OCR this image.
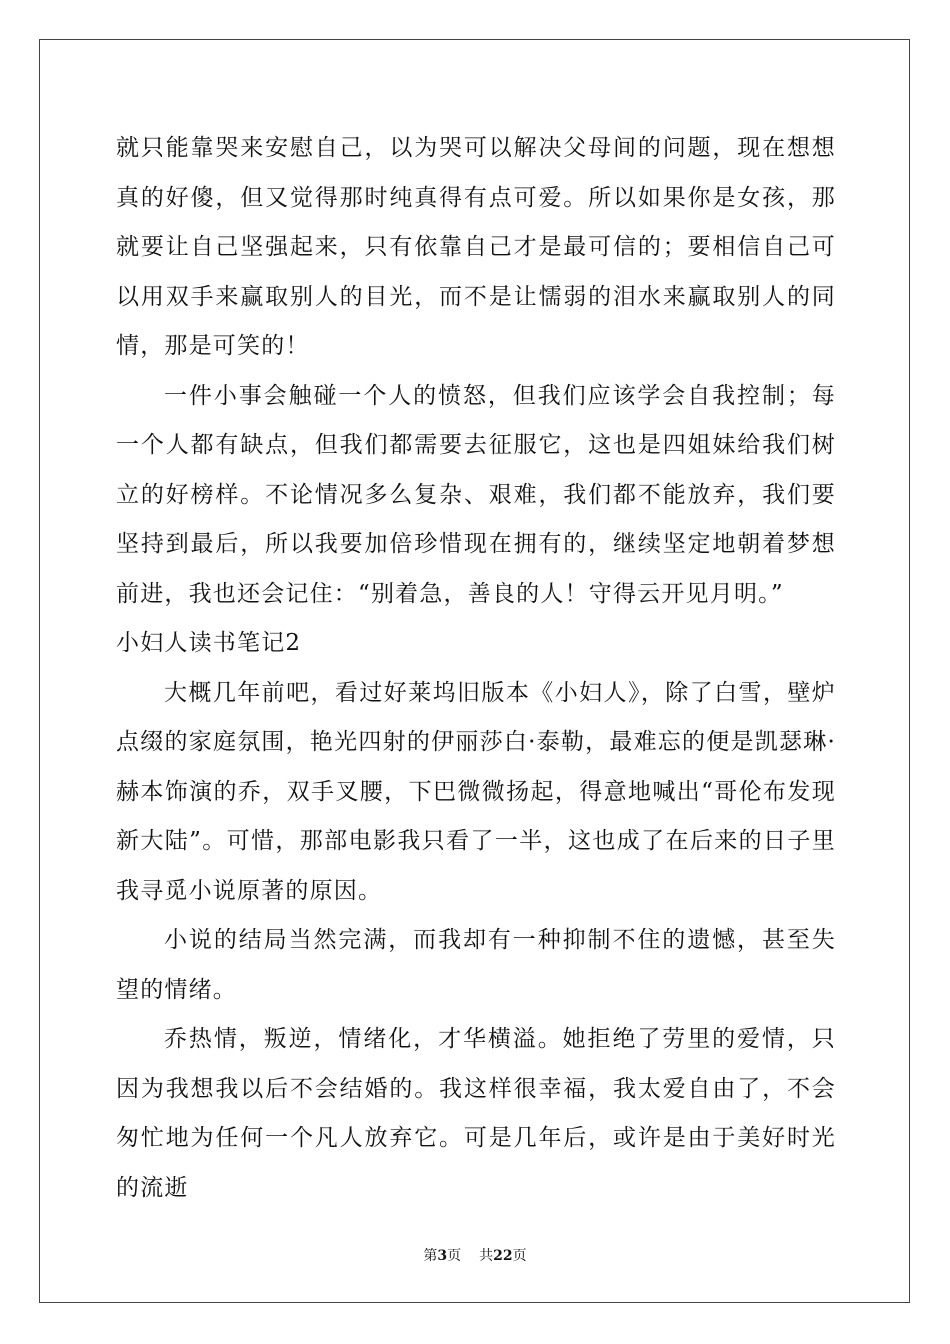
就只能靠哭来安慰自己，以为哭可以解决父母间的问题，现在想想真的好傻，但又觉得那时纯真得有点可爱。所以如果你是女孩，那就要让自己坚强起来，只有依靠自己才是最可信的；要相信自己可以用双手来赢取别人的目光，而不是让懦弱的泪水来赢取别人的同情，那是可笑的！

一件小事会触碰一个人的愤怒，但我们应该学会自我控制；每一个人都有缺点，但我们都需要去征服它，这也是四姐妹给我们树立的好榜样。不论情况多么复杂、艰难，我们都不能放弃，我们要坚持到最后，所以我要加倍珍惜现在拥有的，继续坚定地朝着梦想前进，我也还会记住：“别着急，善良的人！守得云开见月明。”

小妇人读书笔记2

大概几年前吧，看过好莱坞旧版本《小妇人》，除了白雪，壁炉点缀的家庭氛围，艳光四射的伊丽莎白·泰勒，最难忘的便是凯瑟琳·赫本饰演的乔，双手叉腰，下巴微微扬起，得意地喊出“哥伦布发现新大陆”。可惜，那部电影我只看了一半，这也成了在后来的日子里我寻觅小说原著的原因。

小说的结局当然完满，而我却有一种抑制不住的遗憾，甚至失望的情绪。

乔热情，叛逆，情绪化，才华横溢。她拒绝了劳里的爱情，只因为我想我以后不会结婚的。我这样很幸福，我太爱自由了，不会匆忙地为任何一个凡人放弃它。可是几年后，或许是由于美好时光的流逝

第3页 共22页
